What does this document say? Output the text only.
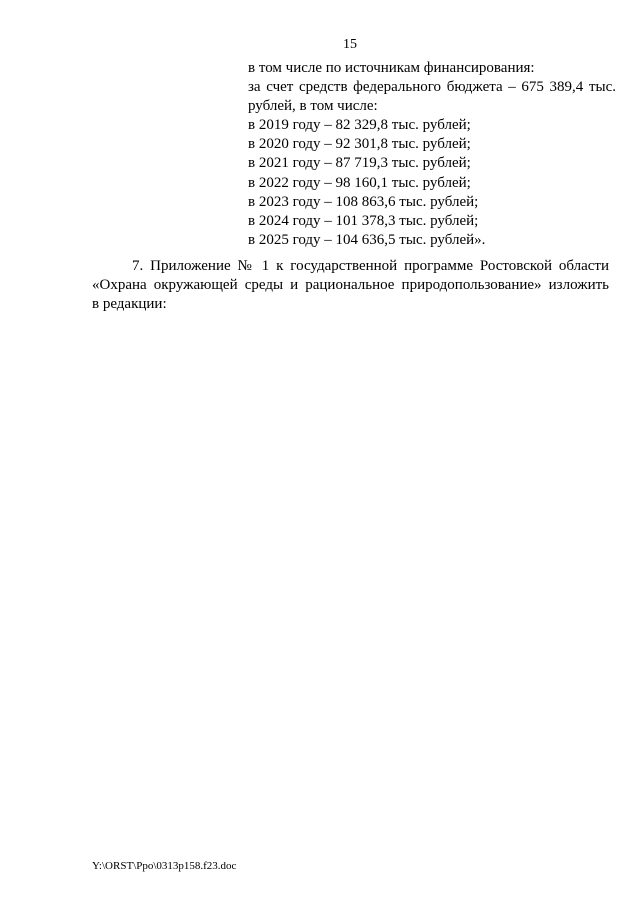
15
в том числе по источникам финансирования:
за счет средств федерального бюджета – 675 389,4 тыс.
рублей, в том числе:
в 2019 году – 82 329,8 тыс. рублей;
в 2020 году – 92 301,8 тыс. рублей;
в 2021 году – 87 719,3 тыс. рублей;
в 2022 году – 98 160,1 тыс. рублей;
в 2023 году – 108 863,6 тыс. рублей;
в 2024 году – 101 378,3 тыс. рублей;
в 2025 году – 104 636,5 тыс. рублей».
7. Приложение № 1 к государственной программе Ростовской области
«Охрана окружающей среды и рациональное природопользование» изложить
в редакции:
Y:\ORST\Ppo\0313p158.f23.doc
